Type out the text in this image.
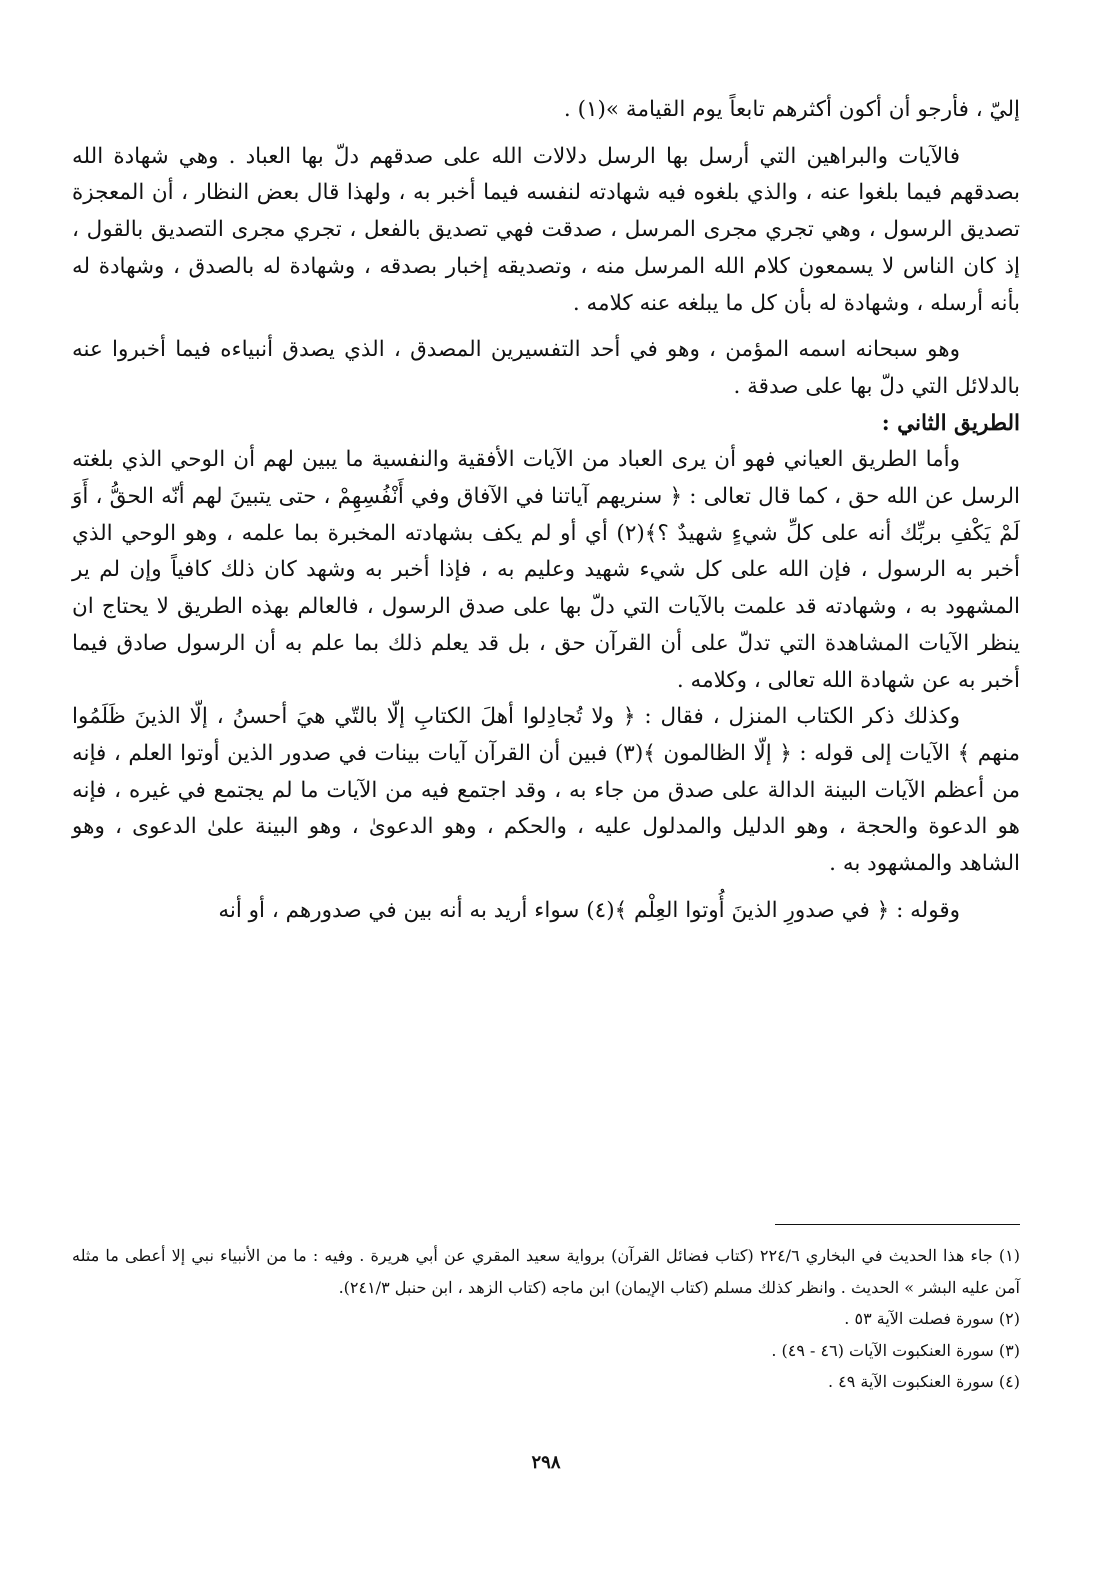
إليّ ، فأرجو أن أكون أكثرهم تابعاً يوم القيامة »(١) .

فالآيات والبراهين التي أرسل بها الرسل دلالات الله على صدقهم دلّ بها العباد . وهي شهادة الله بصدقهم فيما بلغوا عنه ، والذي بلغوه فيه شهادته لنفسه فيما أخبر به ، ولهذا قال بعض النظار ، أن المعجزة تصديق الرسول ، وهي تجري مجرى المرسل ، صدقت فهي تصديق بالفعل ، تجري مجرى التصديق بالقول ، إذ كان الناس لا يسمعون كلام الله المرسل منه ، وتصديقه إخبار بصدقه ، وشهادة له بالصدق ، وشهادة له بأنه أرسله ، وشهادة له بأن كل ما يبلغه عنه كلامه .

وهو سبحانه اسمه المؤمن ، وهو في أحد التفسيرين المصدق ، الذي يصدق أنبياءه فيما أخبروا عنه بالدلائل التي دلّ بها على صدقة .

الطريق الثاني :

وأما الطريق العياني فهو أن يرى العباد من الآيات الأفقية والنفسية ما يبين لهم أن الوحي الذي بلغته الرسل عن الله حق ، كما قال تعالى : ﴿ سنريهم آياتنا في الآفاق وفي أَنْفُسِهِمْ ، حتى يتبينَ لهم أنّه الحقُّ ، أَوَ لَمْ يَكْفِ بربِّك أنه على كلِّ شيءٍ شهيدٌ ؟﴾(٢) أي أو لم يكف بشهادته المخبرة بما علمه ، وهو الوحي الذي أخبر به الرسول ، فإن الله على كل شيء شهيد وعليم به ، فإذا أخبر به وشهد كان ذلك كافياً وإن لم ير المشهود به ، وشهادته قد علمت بالآيات التي دلّ بها على صدق الرسول ، فالعالم بهذه الطريق لا يحتاج ان ينظر الآيات المشاهدة التي تدلّ على أن القرآن حق ، بل قد يعلم ذلك بما علم به أن الرسول صادق فيما أخبر به عن شهادة الله تعالى ، وكلامه .

وكذلك ذكر الكتاب المنزل ، فقال : ﴿ ولا تُجادِلوا أهلَ الكتابِ إلّا بالتّي هيَ أحسنُ ، إلّا الذينَ ظَلَمُوا منهم ﴾ الآيات إلى قوله : ﴿ إلّا الظالمون ﴾(٣) فبين أن القرآن آيات بينات في صدور الذين أوتوا العلم ، فإنه من أعظم الآيات البينة الدالة على صدق من جاء به ، وقد اجتمع فيه من الآيات ما لم يجتمع في غيره ، فإنه هو الدعوة والحجة ، وهو الدليل والمدلول عليه ، والحكم ، وهو الدعوىٰ ، وهو البينة علىٰ الدعوى ، وهو الشاهد والمشهود به .

وقوله : ﴿ في صدورِ الذينَ أُوتوا العِلْم ﴾(٤) سواء أريد به أنه بين في صدورهم ، أو أنه

(١) جاء هذا الحديث في البخاري ٢٢٤/٦ (كتاب فضائل القرآن) برواية سعيد المقري عن أبي هريرة . وفيه : ما من الأنبياء نبي إلا أعطى ما مثله آمن عليه البشر » الحديث . وانظر كذلك مسلم (كتاب الإيمان) ابن ماجه (كتاب الزهد ، ابن حنبل ٢٤١/٣).

(٢) سورة فصلت الآية ٥٣ .

(٣) سورة العنكبوت الآيات (٤٦ - ٤٩) .

(٤) سورة العنكبوت الآية ٤٩ .

٢٩٨
